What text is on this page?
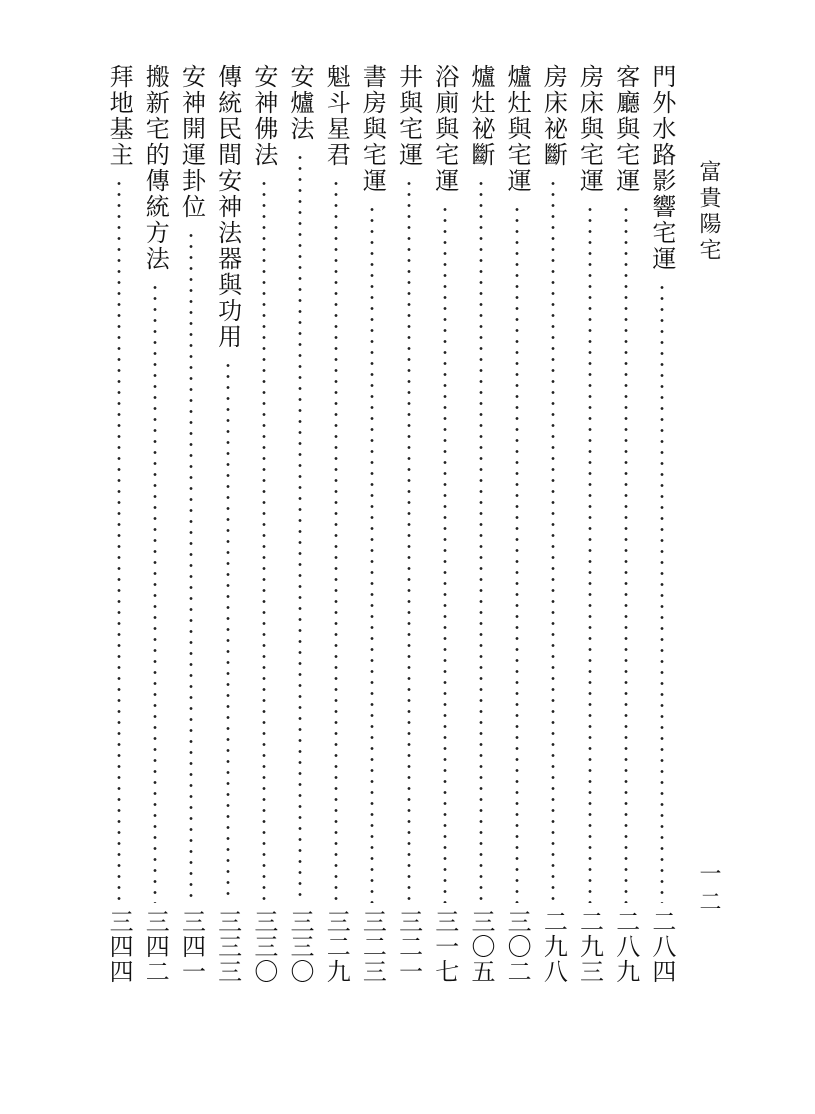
富貴陽宅
一二
門外水路影響宅運
二八四
客廳與宅運
二八九
房床與宅運
二九三
房床祕斷
二九八
爐灶與宅運
三〇二
爐灶祕斷
三〇五
浴廁與宅運
三一七
井與宅運
三二一
書房與宅運
三二三
魁斗星君
三二九
安爐法
三三〇
安神佛法
三三〇
傳統民間安神法器與功用
三三三
安神開運卦位
三四一
搬新宅的傳統方法
三四二
拜地基主
三四四
